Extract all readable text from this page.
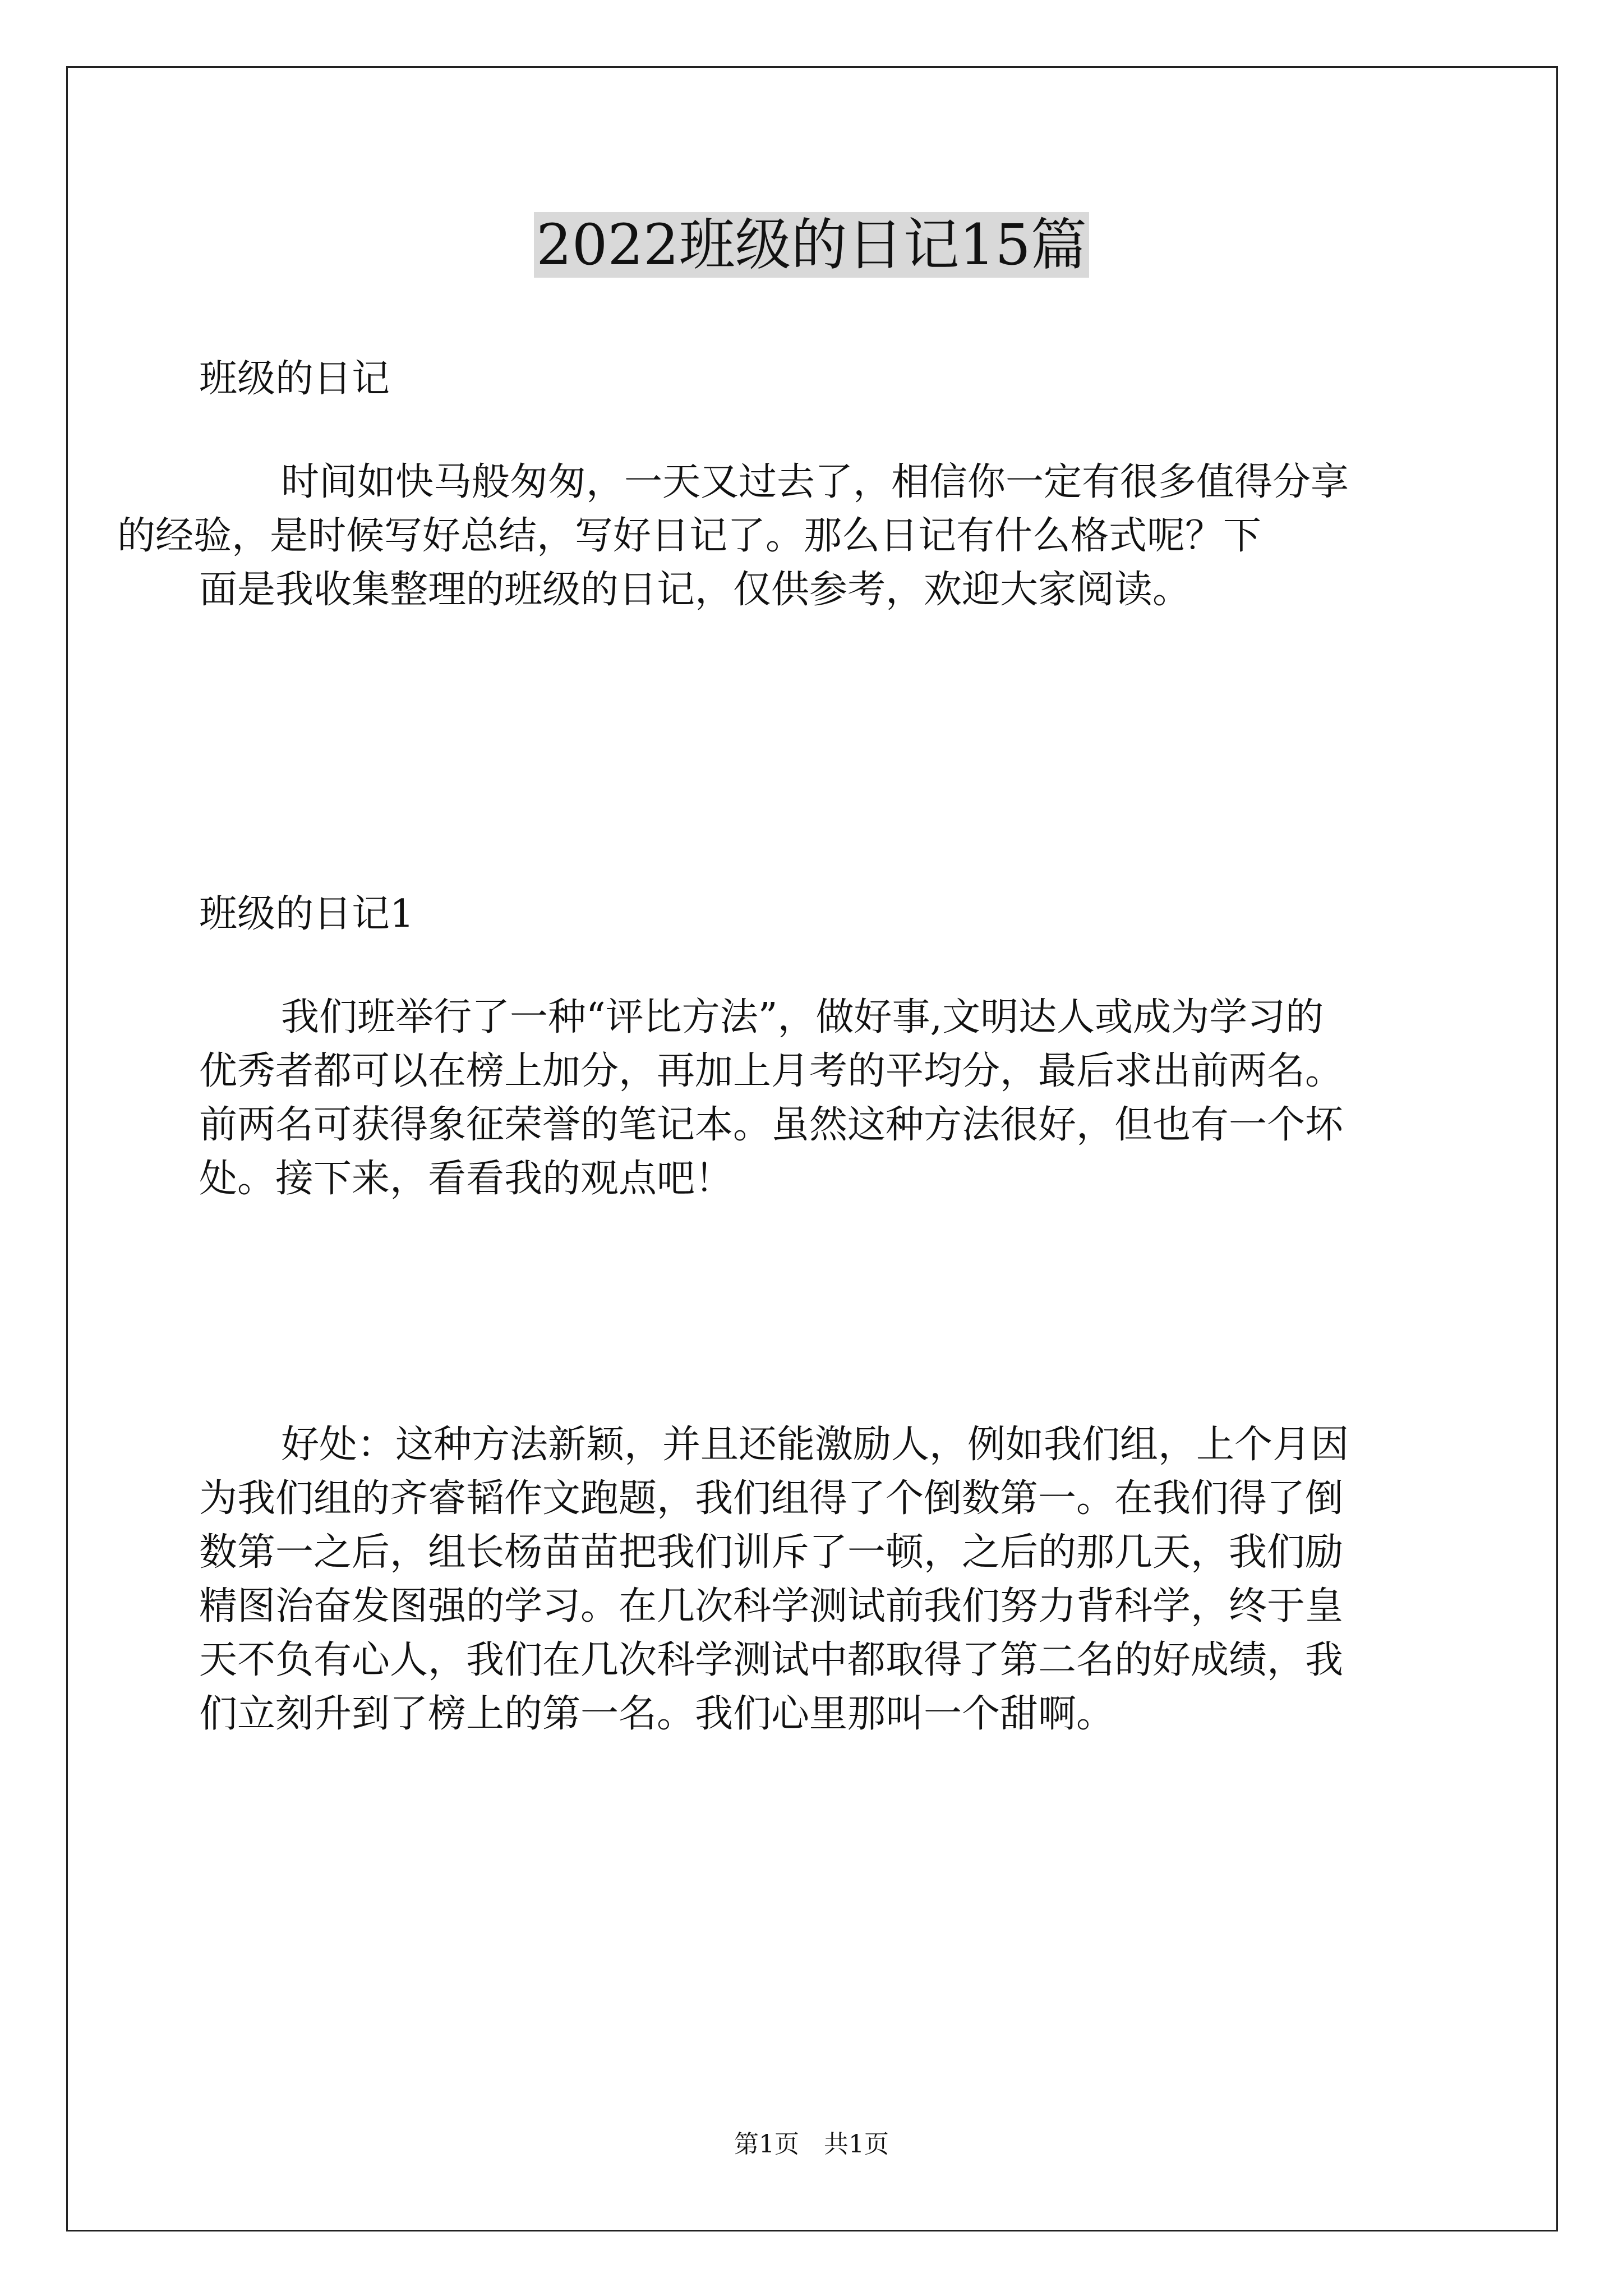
2022班级的日记15篇

班级的日记

时间如快马般匆匆，一天又过去了，相信你一定有很多值得分享
的经验，是时候写好总结，写好日记了。那么日记有什么格式呢？下
面是我收集整理的班级的日记，仅供参考，欢迎大家阅读。

班级的日记1

我们班举行了一种“评比方法”，做好事,文明达人或成为学习的
优秀者都可以在榜上加分，再加上月考的平均分，最后求出前两名。
前两名可获得象征荣誉的笔记本。虽然这种方法很好，但也有一个坏
处。接下来，看看我的观点吧！

好处：这种方法新颖，并且还能激励人，例如我们组，上个月因
为我们组的齐睿韬作文跑题，我们组得了个倒数第一。在我们得了倒
数第一之后，组长杨苗苗把我们训斥了一顿，之后的那几天，我们励
精图治奋发图强的学习。在几次科学测试前我们努力背科学，终于皇
天不负有心人，我们在几次科学测试中都取得了第二名的好成绩，我
们立刻升到了榜上的第一名。我们心里那叫一个甜啊。

第1页　共1页
